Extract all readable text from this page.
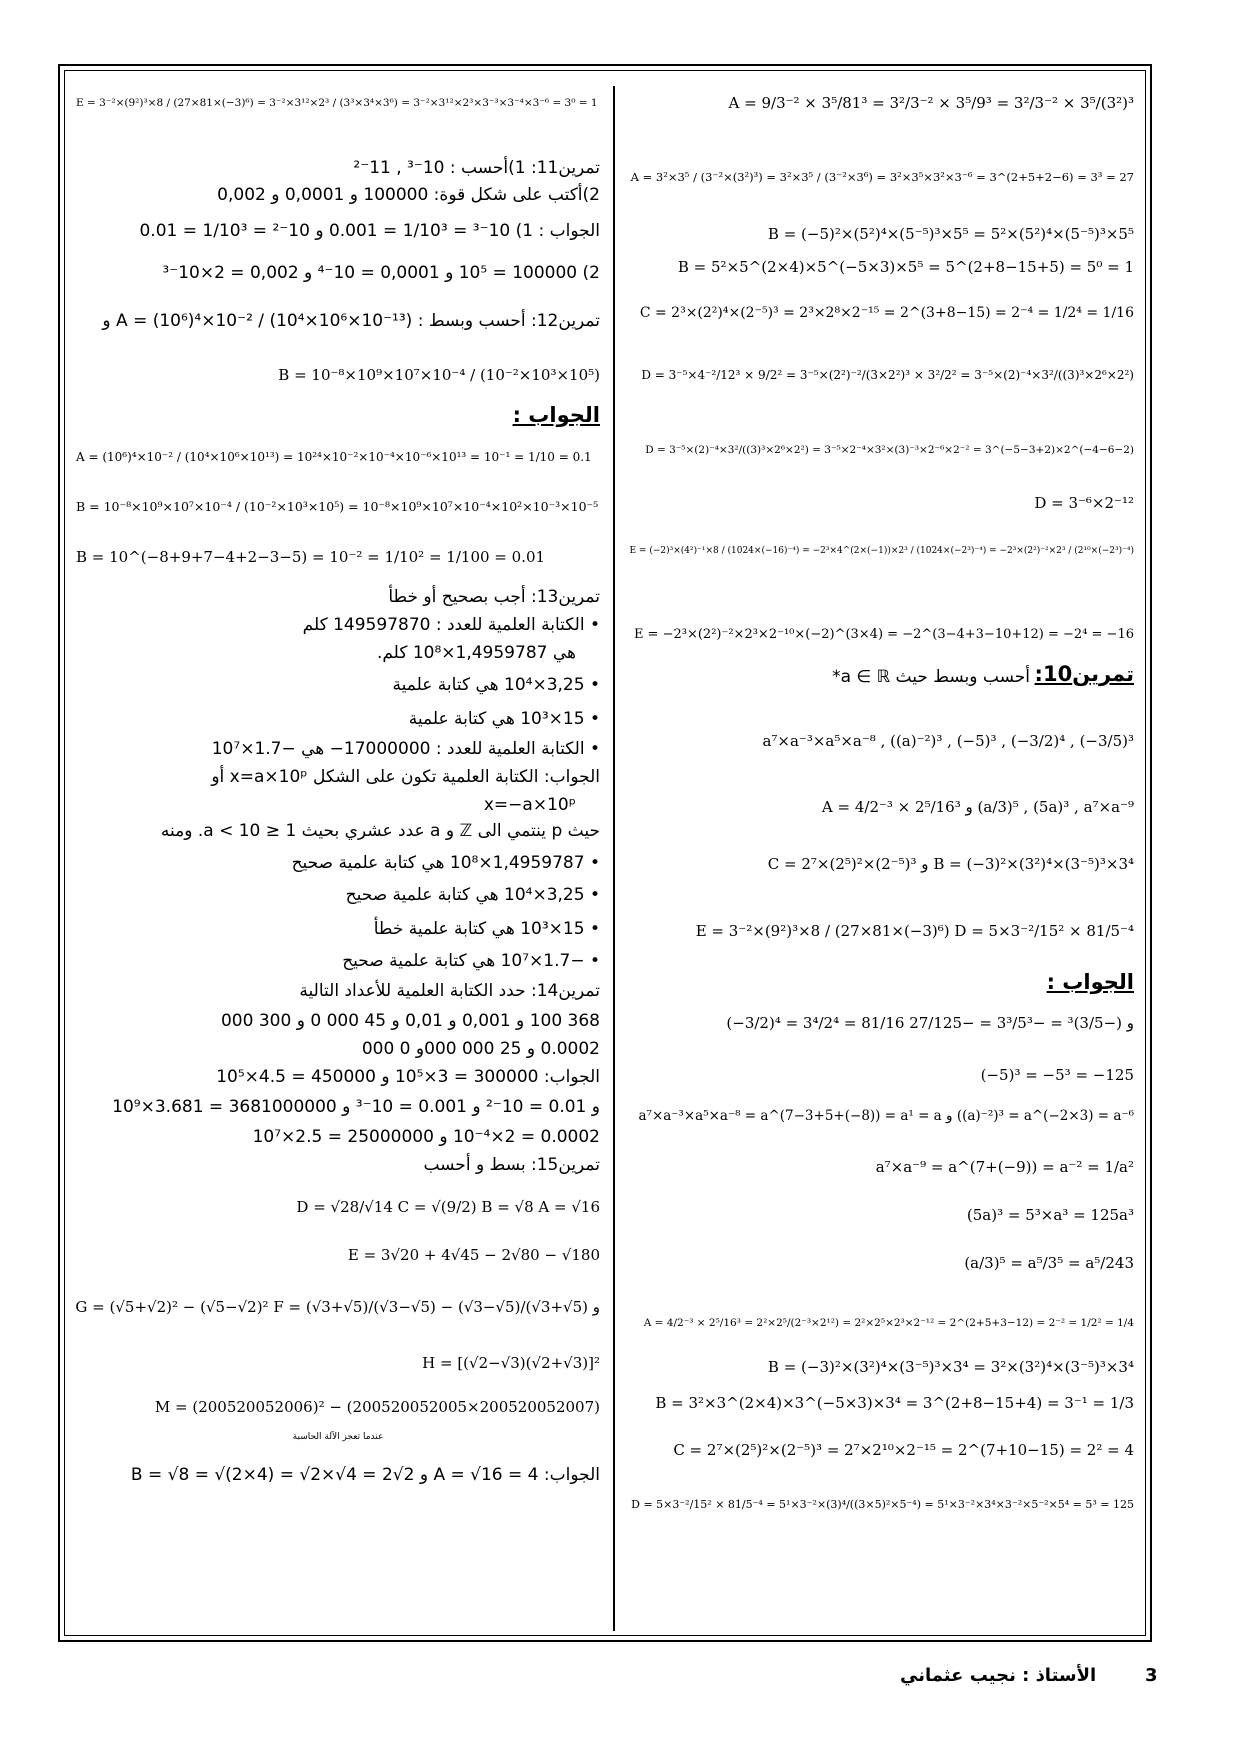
A = 9/3⁻² × 3⁵/81³ = 3²/3⁻² × 3⁵/9³ = 3²/3⁻² × 3⁵/(3²)³
A = 3²×3⁵ / (3⁻²×(3²)³) = 3²×3⁵ / (3⁻²×3⁶) = 3²×3⁵×3²×3⁻⁶ = 3^(2+5+2−6) = 3³ = 27
B = (−5)²×(5²)⁴×(5⁻⁵)³×5⁵ = 5²×(5²)⁴×(5⁻⁵)³×5⁵
B = 5²×5^(2×4)×5^(−5×3)×5⁵ = 5^(2+8−15+5) = 5⁰ = 1
C = 2³×(2²)⁴×(2⁻⁵)³ = 2³×2⁸×2⁻¹⁵ = 2^(3+8−15) = 2⁻⁴ = 1/2⁴ = 1/16
D = 3⁻⁵×4⁻²/12³ × 9/2² = 3⁻⁵×(2²)⁻²/(3×2²)³ × 3²/2² = 3⁻⁵×(2)⁻⁴×3²/((3)³×2⁶×2²)
D = 3⁻⁵×(2)⁻⁴×3²/((3)³×2⁶×2²) = 3⁻⁵×2⁻⁴×3²×(3)⁻³×2⁻⁶×2⁻² = 3^(−5−3+2)×2^(−4−6−2)
D = 3⁻⁶×2⁻¹²
E = (−2)³×(4²)⁻¹×8 / (1024×(−16)⁻⁴) = −2³×4^(2×(−1))×2³ / (1024×(−2³)⁻⁴) = −2³×(2²)⁻²×2³ / (2¹⁰×(−2³)⁻⁴)
E = −2³×(2²)⁻²×2³×2⁻¹⁰×(−2)^(3×4) = −2^(3−4+3−10+12) = −2⁴ = −16
تمرين10:
أحسب وبسط حيث a ∈ ℝ*
a⁷×a⁻³×a⁵×a⁻⁸ , ((a)⁻²)³ , (−5)³ , (−3/2)⁴ , (−3/5)³
A = 4/2⁻³ × 2⁵/16³ و (a/3)⁵ , (5a)³ , a⁷×a⁻⁹
C = 2⁷×(2⁵)²×(2⁻⁵)³ و B = (−3)²×(3²)⁴×(3⁻⁵)³×3⁴
E = 3⁻²×(9²)³×8 / (27×81×(−3)⁶) D = 5×3⁻²/15² × 81/5⁻⁴
الجواب :
(−3/2)⁴ = 3⁴/2⁴ = 81/16 و (−3/5)³ = −3³/5³ = −27/125
(−5)³ = −5³ = −125
a⁷×a⁻³×a⁵×a⁻⁸ = a^(7−3+5+(−8)) = a¹ = a و ((a)⁻²)³ = a^(−2×3) = a⁻⁶
a⁷×a⁻⁹ = a^(7+(−9)) = a⁻² = 1/a²
(5a)³ = 5³×a³ = 125a³
(a/3)⁵ = a⁵/3⁵ = a⁵/243
A = 4/2⁻³ × 2⁵/16³ = 2²×2⁵/(2⁻³×2¹²) = 2²×2⁵×2³×2⁻¹² = 2^(2+5+3−12) = 2⁻² = 1/2² = 1/4
B = (−3)²×(3²)⁴×(3⁻⁵)³×3⁴ = 3²×(3²)⁴×(3⁻⁵)³×3⁴
B = 3²×3^(2×4)×3^(−5×3)×3⁴ = 3^(2+8−15+4) = 3⁻¹ = 1/3
C = 2⁷×(2⁵)²×(2⁻⁵)³ = 2⁷×2¹⁰×2⁻¹⁵ = 2^(7+10−15) = 2² = 4
D = 5×3⁻²/15² × 81/5⁻⁴ = 5¹×3⁻²×(3)⁴/((3×5)²×5⁻⁴) = 5¹×3⁻²×3⁴×3⁻²×5⁻²×5⁴ = 5³ = 125
E = 3⁻²×(9²)³×8 / (27×81×(−3)⁶) = 3⁻²×3¹²×2³ / (3³×3⁴×3⁶) = 3⁻²×3¹²×2³×3⁻³×3⁻⁴×3⁻⁶ = 3⁰ = 1
تمرين11: 1)أحسب : 10⁻³ , 11⁻²
2)أكتب على شكل قوة: 100000 و 0,0001 و 0,002
الجواب : 1) 10⁻³ = 1/10³ = 0.001 و 10⁻² = 1/10³ = 0.01
2) 100000 = 10⁵ و 0,0001 = 10⁻⁴ و 0,002 = 2×10⁻³
تمرين12: أحسب وبسط : A = (10⁶)⁴×10⁻² / (10⁴×10⁶×10⁻¹³) و
B = 10⁻⁸×10⁹×10⁷×10⁻⁴ / (10⁻²×10³×10⁵)
الجواب :
A = (10⁶)⁴×10⁻² / (10⁴×10⁶×10¹³) = 10²⁴×10⁻²×10⁻⁴×10⁻⁶×10¹³ = 10⁻¹ = 1/10 = 0.1
B = 10⁻⁸×10⁹×10⁷×10⁻⁴ / (10⁻²×10³×10⁵) = 10⁻⁸×10⁹×10⁷×10⁻⁴×10²×10⁻³×10⁻⁵
B = 10^(−8+9+7−4+2−3−5) = 10⁻² = 1/10² = 1/100 = 0.01
تمرين13: أجب بصحيح أو خطأ
• الكتابة العلمية للعدد : 149597870 كلم
هي 1,4959787×10⁸ كلم.
• 3,25×10⁴ هي كتابة علمية
• 15×10³ هي كتابة علمية
• الكتابة العلمية للعدد : 17000000− هي −1.7×10⁷
الجواب: الكتابة العلمية تكون على الشكل x=a×10ᵖ أو
x=−a×10ᵖ
حيث p ينتمي الى ℤ و a عدد عشري بحيث 1 ≤ a < 10. ومنه
• 1,4959787×10⁸ هي كتابة علمية صحيح
• 3,25×10⁴ هي كتابة علمية صحيح
• 15×10³ هي كتابة علمية خطأ
• −1.7×10⁷ هي كتابة علمية صحيح
تمرين14: حدد الكتابة العلمية للأعداد التالية
368 100 و 0,001 و 0,01 و 45 000 0 و 300 000
0.0002 و 25 000 000و 0 000
الجواب: 300000 = 3×10⁵ و 450000 = 4.5×10⁵
و 0.01 = 10⁻² و 0.001 = 10⁻³ و 3681000000 = 3.681×10⁹
0.0002 = 2×10⁻⁴ و 25000000 = 2.5×10⁷
تمرين15: بسط و أحسب
D = √28/√14 C = √(9/2) B = √8 A = √16
E = 3√20 + 4√45 − 2√80 − √180
G = (√5+√2)² − (√5−√2)² F = (√3+√5)/(√3−√5) − (√3−√5)/(√3+√5) و
H = [(√2−√3)(√2+√3)]²
M = (200520052006)² − (200520052005×200520052007)
عندما تعجز الآلة الحاسبة
الجواب: A = √16 = 4 و B = √8 = √(2×4) = √2×√4 = 2√2
الأستاذ : نجيب عثماني	3
